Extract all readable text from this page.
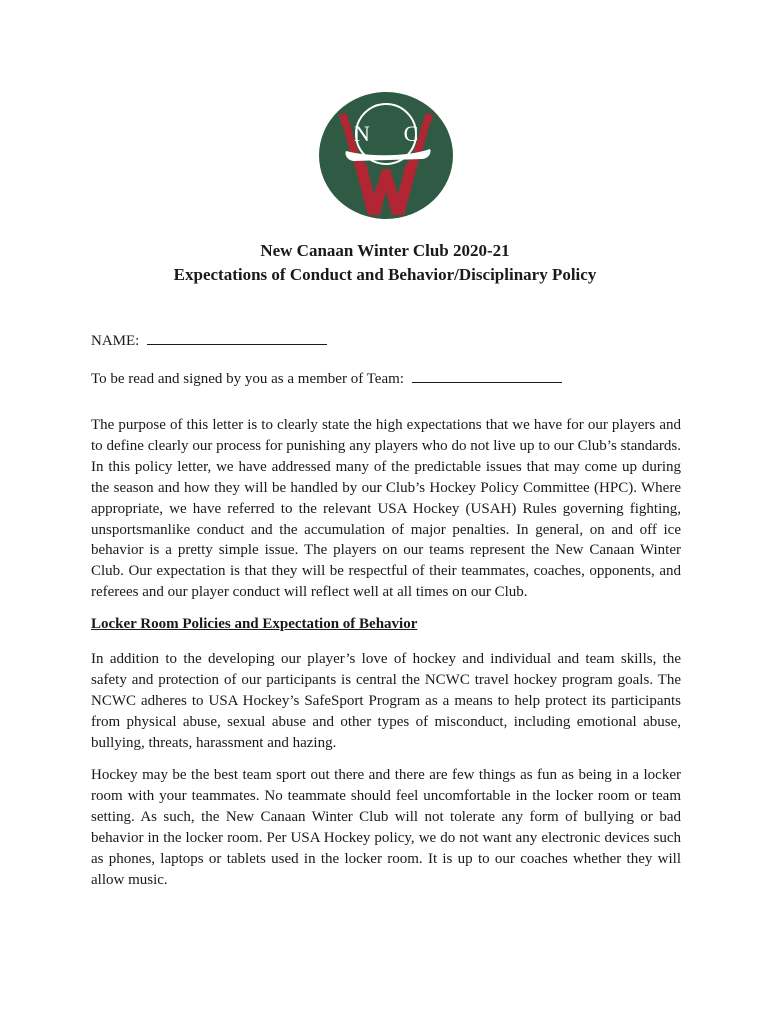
N C
New Canaan Winter Club 2020-21
Expectations of Conduct and Behavior/Disciplinary Policy
NAME:
To be read and signed by you as a member of Team:
The purpose of this letter is to clearly state the high expectations that we have for our players and to define clearly our process for punishing any players who do not live up to our Club’s standards. In this policy letter, we have addressed many of the predictable issues that may come up during the season and how they will be handled by our Club’s Hockey Policy Committee (HPC). Where appropriate, we have referred to the relevant USA Hockey (USAH) Rules governing fighting, unsportsmanlike conduct and the accumulation of major penalties. In general, on and off ice behavior is a pretty simple issue. The players on our teams represent the New Canaan Winter Club. Our expectation is that they will be respectful of their teammates, coaches, opponents, and referees and our player conduct will reflect well at all times on our Club.
Locker Room Policies and Expectation of Behavior
In addition to the developing our player’s love of hockey and individual and team skills, the safety and protection of our participants is central the NCWC travel hockey program goals. The NCWC adheres to USA Hockey’s SafeSport Program as a means to help protect its participants from physical abuse, sexual abuse and other types of misconduct, including emotional abuse, bullying, threats, harassment and hazing.
Hockey may be the best team sport out there and there are few things as fun as being in a locker room with your teammates. No teammate should feel uncomfortable in the locker room or team setting. As such, the New Canaan Winter Club will not tolerate any form of bullying or bad behavior in the locker room. Per USA Hockey policy, we do not want any electronic devices such as phones, laptops or tablets used in the locker room. It is up to our coaches whether they will allow music.
